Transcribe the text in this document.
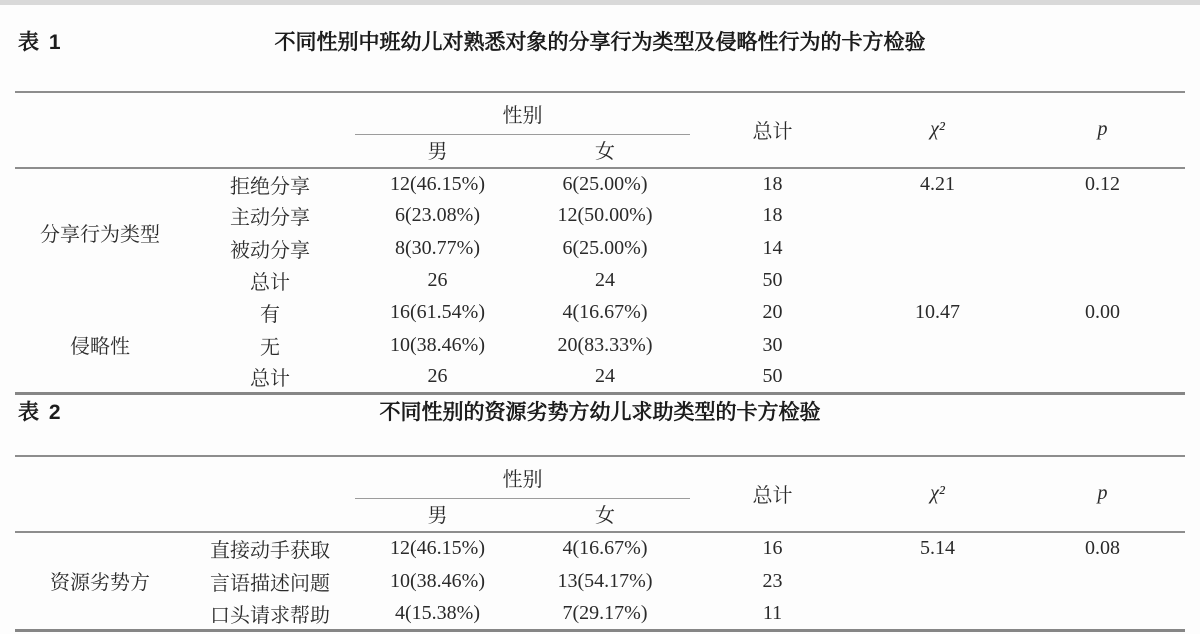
表 1	不同性别中班幼儿对熟悉对象的分享行为类型及侵略性行为的卡方检验
		性别		总计	χ²	p
		男	女			
分享行为类型	拒绝分享	12(46.15%)	6(25.00%)	18	4.21	0.12
	主动分享	6(23.08%)	12(50.00%)	18		
	被动分享	8(30.77%)	6(25.00%)	14		
	总计	26	24	50		
侵略性	有	16(61.54%)	4(16.67%)	20	10.47	0.00
	无	10(38.46%)	20(83.33%)	30		
	总计	26	24	50		
表 2	不同性别的资源劣势方幼儿求助类型的卡方检验
		性别		总计	χ²	p
		男	女			
资源劣势方	直接动手获取	12(46.15%)	4(16.67%)	16	5.14	0.08
	言语描述问题	10(38.46%)	13(54.17%)	23		
	口头请求帮助	4(15.38%)	7(29.17%)	11		
